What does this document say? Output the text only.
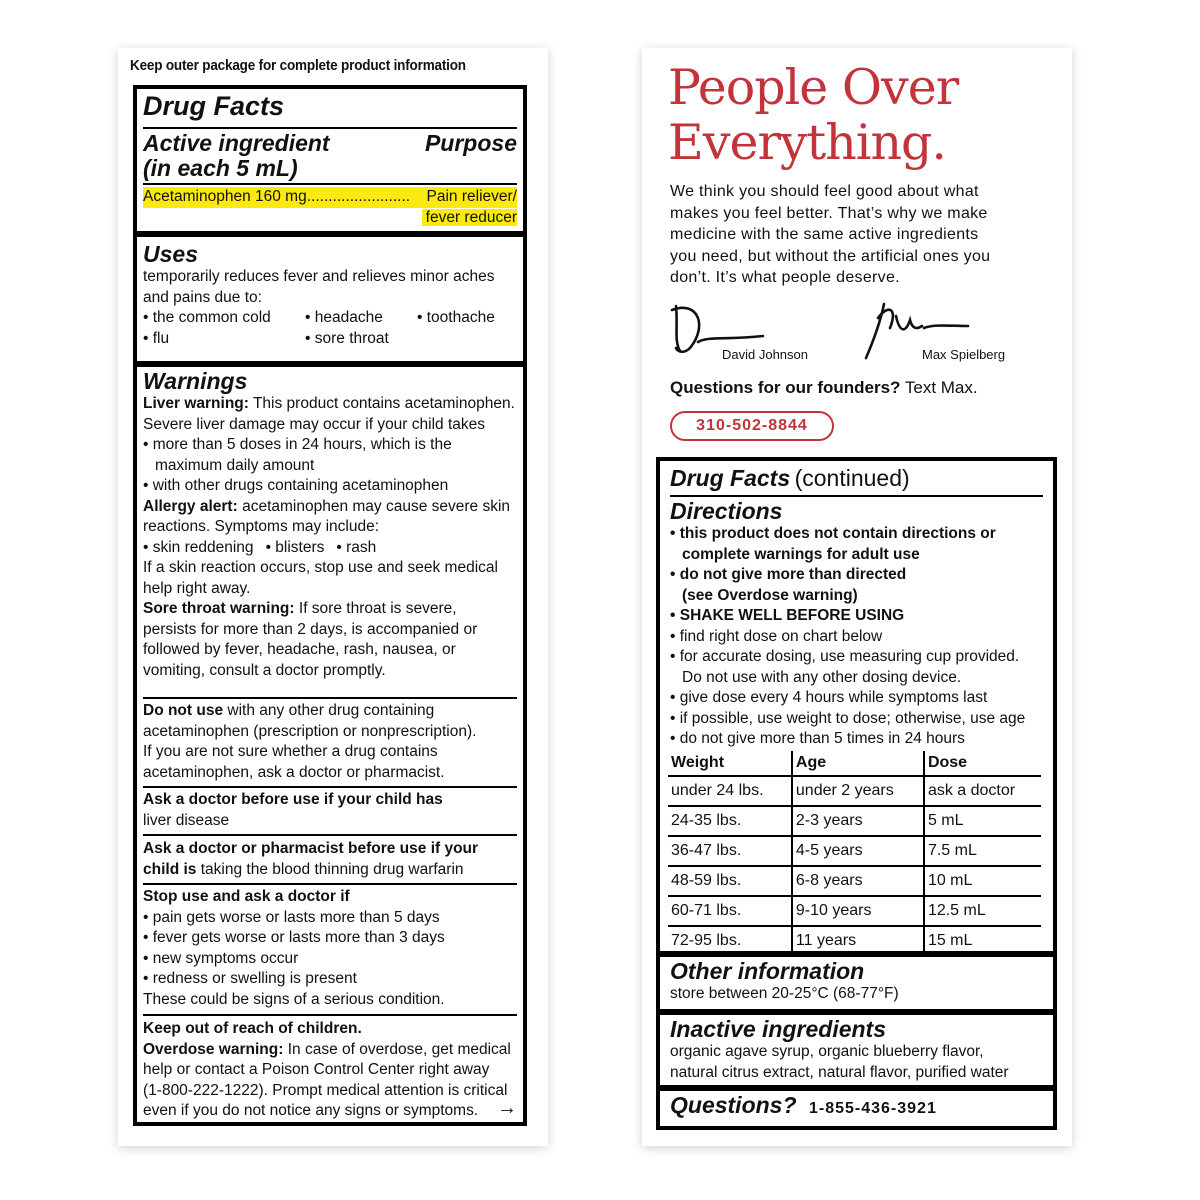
Keep outer package for complete product information
Drug Facts
Active ingredient
(in each 5 mL)
Purpose
Acetaminophen 160 mg........................ Pain reliever/
fever reducer
Uses
temporarily reduces fever and relieves minor aches
and pains due to:
• the common cold	• headache	• toothache
• flu	• sore throat
Warnings
Liver warning: This product contains acetaminophen.
Severe liver damage may occur if your child takes
• more than 5 doses in 24 hours, which is the
maximum daily amount
• with other drugs containing acetaminophen
Allergy alert: acetaminophen may cause severe skin
reactions. Symptoms may include:
• skin reddening	• blisters	• rash
If a skin reaction occurs, stop use and seek medical
help right away.
Sore throat warning: If sore throat is severe,
persists for more than 2 days, is accompanied or
followed by fever, headache, rash, nausea, or
vomiting, consult a doctor promptly.
Do not use with any other drug containing
acetaminophen (prescription or nonprescription).
If you are not sure whether a drug contains
acetaminophen, ask a doctor or pharmacist.
Ask a doctor before use if your child has
liver disease
Ask a doctor or pharmacist before use if your
child is taking the blood thinning drug warfarin
Stop use and ask a doctor if
• pain gets worse or lasts more than 5 days
• fever gets worse or lasts more than 3 days
• new symptoms occur
• redness or swelling is present
These could be signs of a serious condition.
Keep out of reach of children.
Overdose warning: In case of overdose, get medical
help or contact a Poison Control Center right away
(1-800-222-1222). Prompt medical attention is critical
even if you do not notice any signs or symptoms. →
People Over
Everything.
We think you should feel good about what
makes you feel better. That’s why we make
medicine with the same active ingredients
you need, but without the artificial ones you
don’t. It’s what people deserve.
David Johnson	Max Spielberg
Questions for our founders? Text Max.
310-502-8844
Drug Facts (continued)
Directions
• this product does not contain directions or
complete warnings for adult use
• do not give more than directed
(see Overdose warning)
• SHAKE WELL BEFORE USING
• find right dose on chart below
• for accurate dosing, use measuring cup provided.
Do not use with any other dosing device.
• give dose every 4 hours while symptoms last
• if possible, use weight to dose; otherwise, use age
• do not give more than 5 times in 24 hours
Weight	Age	Dose
under 24 lbs.	under 2 years	ask a doctor
24-35 lbs.	2-3 years	5 mL
36-47 lbs.	4-5 years	7.5 mL
48-59 lbs.	6-8 years	10 mL
60-71 lbs.	9-10 years	12.5 mL
72-95 lbs.	11 years	15 mL
Other information
store between 20-25°C (68-77°F)
Inactive ingredients
organic agave syrup, organic blueberry flavor,
natural citrus extract, natural flavor, purified water
Questions? 1-855-436-3921
